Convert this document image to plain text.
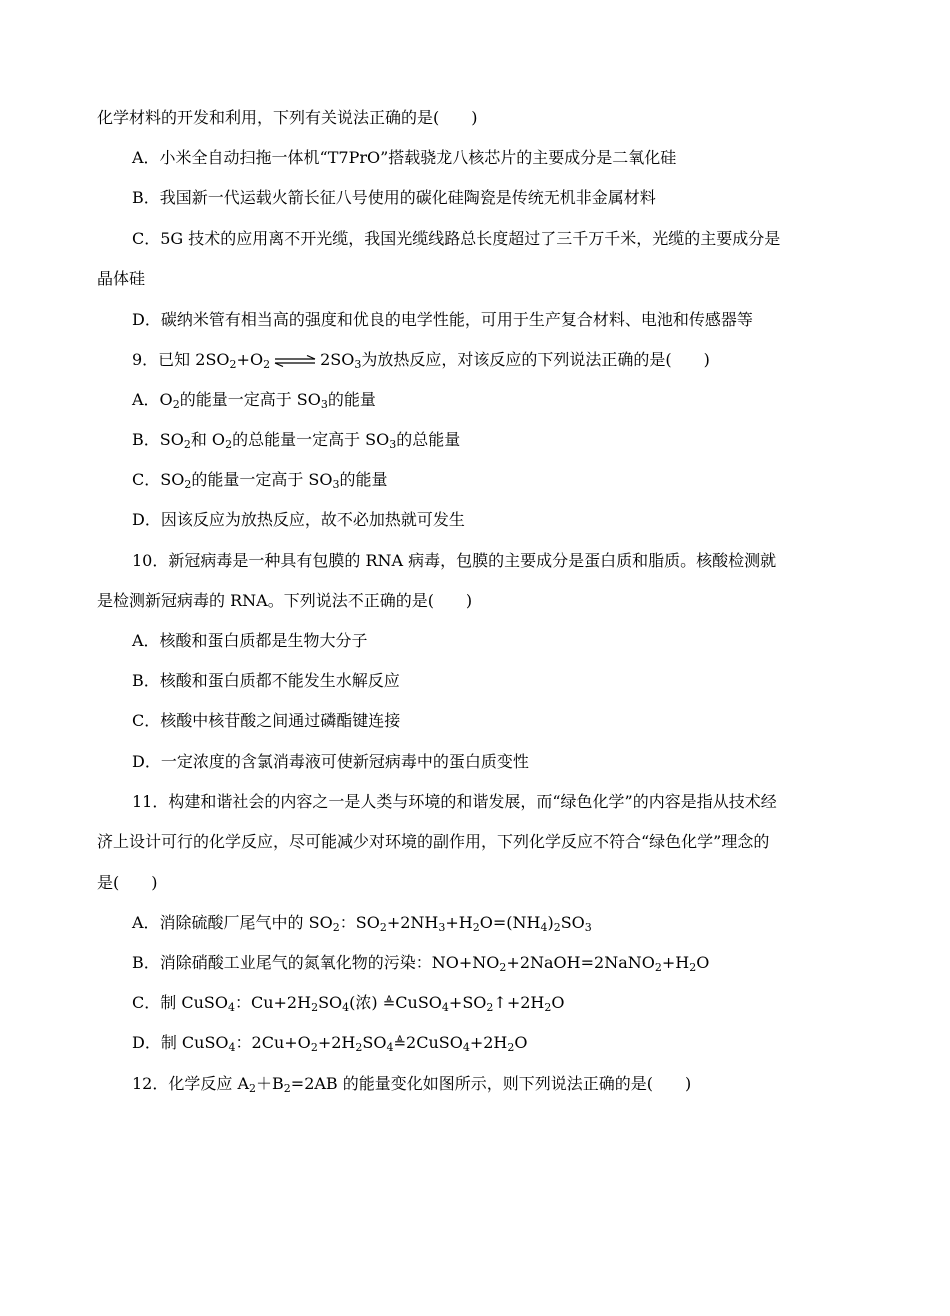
化学材料的开发和利用，下列有关说法正确的是(　　)
A．小米全自动扫拖一体机“T7PrO”搭载骁龙八核芯片的主要成分是二氧化硅
B．我国新一代运载火箭长征八号使用的碳化硅陶瓷是传统无机非金属材料
C．5G 技术的应用离不开光缆，我国光缆线路总长度超过了三千万千米，光缆的主要成分是
晶体硅
D．碳纳米管有相当高的强度和优良的电学性能，可用于生产复合材料、电池和传感器等
9．已知 $2SO_2+O_2$ ⇌ $2SO_3$为放热反应，对该反应的下列说法正确的是(　　)
A．$O_2$的能量一定高于 $SO_3$的能量
B．$SO_2$和 $O_2$的总能量一定高于 $SO_3$的总能量
C．$SO_2$的能量一定高于 $SO_3$的能量
D．因该反应为放热反应，故不必加热就可发生
10．新冠病毒是一种具有包膜的 RNA 病毒，包膜的主要成分是蛋白质和脂质。核酸检测就
是检测新冠病毒的 RNA。下列说法不正确的是(　　)
A．核酸和蛋白质都是生物大分子
B．核酸和蛋白质都不能发生水解反应
C．核酸中核苷酸之间通过磷酯键连接
D．一定浓度的含氯消毒液可使新冠病毒中的蛋白质变性
11．构建和谐社会的内容之一是人类与环境的和谐发展，而“绿色化学”的内容是指从技术经
济上设计可行的化学反应，尽可能减少对环境的副作用，下列化学反应不符合“绿色化学”理念的
是(　　)
A．消除硫酸厂尾气中的 $SO_2$：$SO_2+2NH_3+H_2O=(NH_4)_2SO_3$
B．消除硝酸工业尾气的氮氧化物的污染：$NO+NO_2+2NaOH=2NaNO_2+H_2O$
C．制 CuSO$_4$：$Cu+2H_2SO_4$(浓) $≜CuSO_4+SO_2↑+2H_2O$
D．制 CuSO$_4$：$2Cu+O_2+2H_2SO_4≜2CuSO_4+2H_2O$
12．化学反应 $A_2+B_2=2AB$ 的能量变化如图所示，则下列说法正确的是(　　)
